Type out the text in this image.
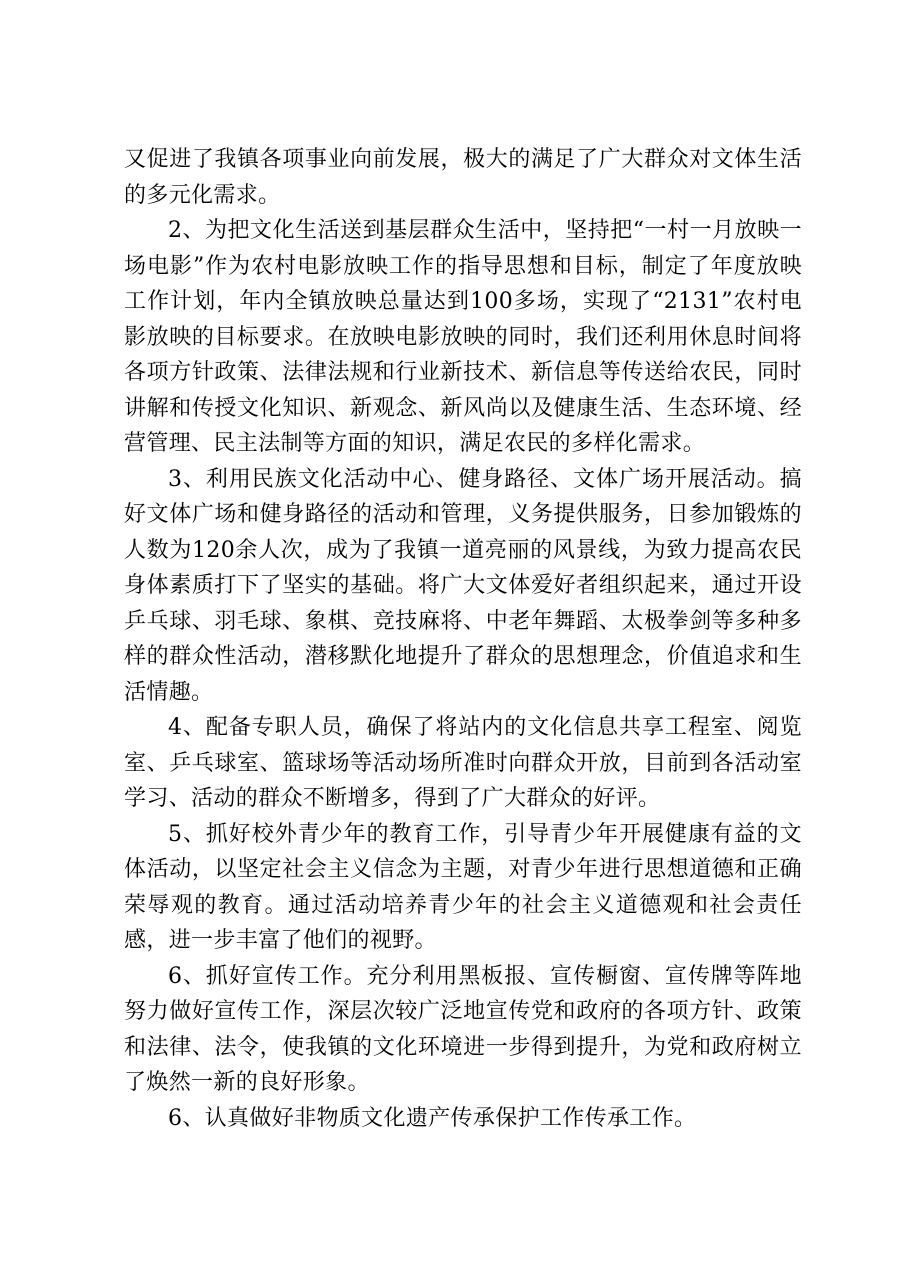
又促进了我镇各项事业向前发展，极大的满足了广大群众对文体生活的多元化需求。

2、为把文化生活送到基层群众生活中，坚持把“一村一月放映一场电影”作为农村电影放映工作的指导思想和目标，制定了年度放映工作计划，年内全镇放映总量达到100多场，实现了“2131”农村电影放映的目标要求。在放映电影放映的同时，我们还利用休息时间将各项方针政策、法律法规和行业新技术、新信息等传送给农民，同时讲解和传授文化知识、新观念、新风尚以及健康生活、生态环境、经营管理、民主法制等方面的知识，满足农民的多样化需求。

3、利用民族文化活动中心、健身路径、文体广场开展活动。搞好文体广场和健身路径的活动和管理，义务提供服务，日参加锻炼的人数为120余人次，成为了我镇一道亮丽的风景线，为致力提高农民身体素质打下了坚实的基础。将广大文体爱好者组织起来，通过开设乒乓球、羽毛球、象棋、竞技麻将、中老年舞蹈、太极拳剑等多种多样的群众性活动，潜移默化地提升了群众的思想理念，价值追求和生活情趣。

4、配备专职人员，确保了将站内的文化信息共享工程室、阅览室、乒乓球室、篮球场等活动场所准时向群众开放，目前到各活动室学习、活动的群众不断增多，得到了广大群众的好评。

5、抓好校外青少年的教育工作，引导青少年开展健康有益的文体活动，以坚定社会主义信念为主题，对青少年进行思想道德和正确荣辱观的教育。通过活动培养青少年的社会主义道德观和社会责任感，进一步丰富了他们的视野。

6、抓好宣传工作。充分利用黑板报、宣传橱窗、宣传牌等阵地努力做好宣传工作，深层次较广泛地宣传党和政府的各项方针、政策和法律、法令，使我镇的文化环境进一步得到提升，为党和政府树立了焕然一新的良好形象。

6、认真做好非物质文化遗产传承保护工作传承工作。
